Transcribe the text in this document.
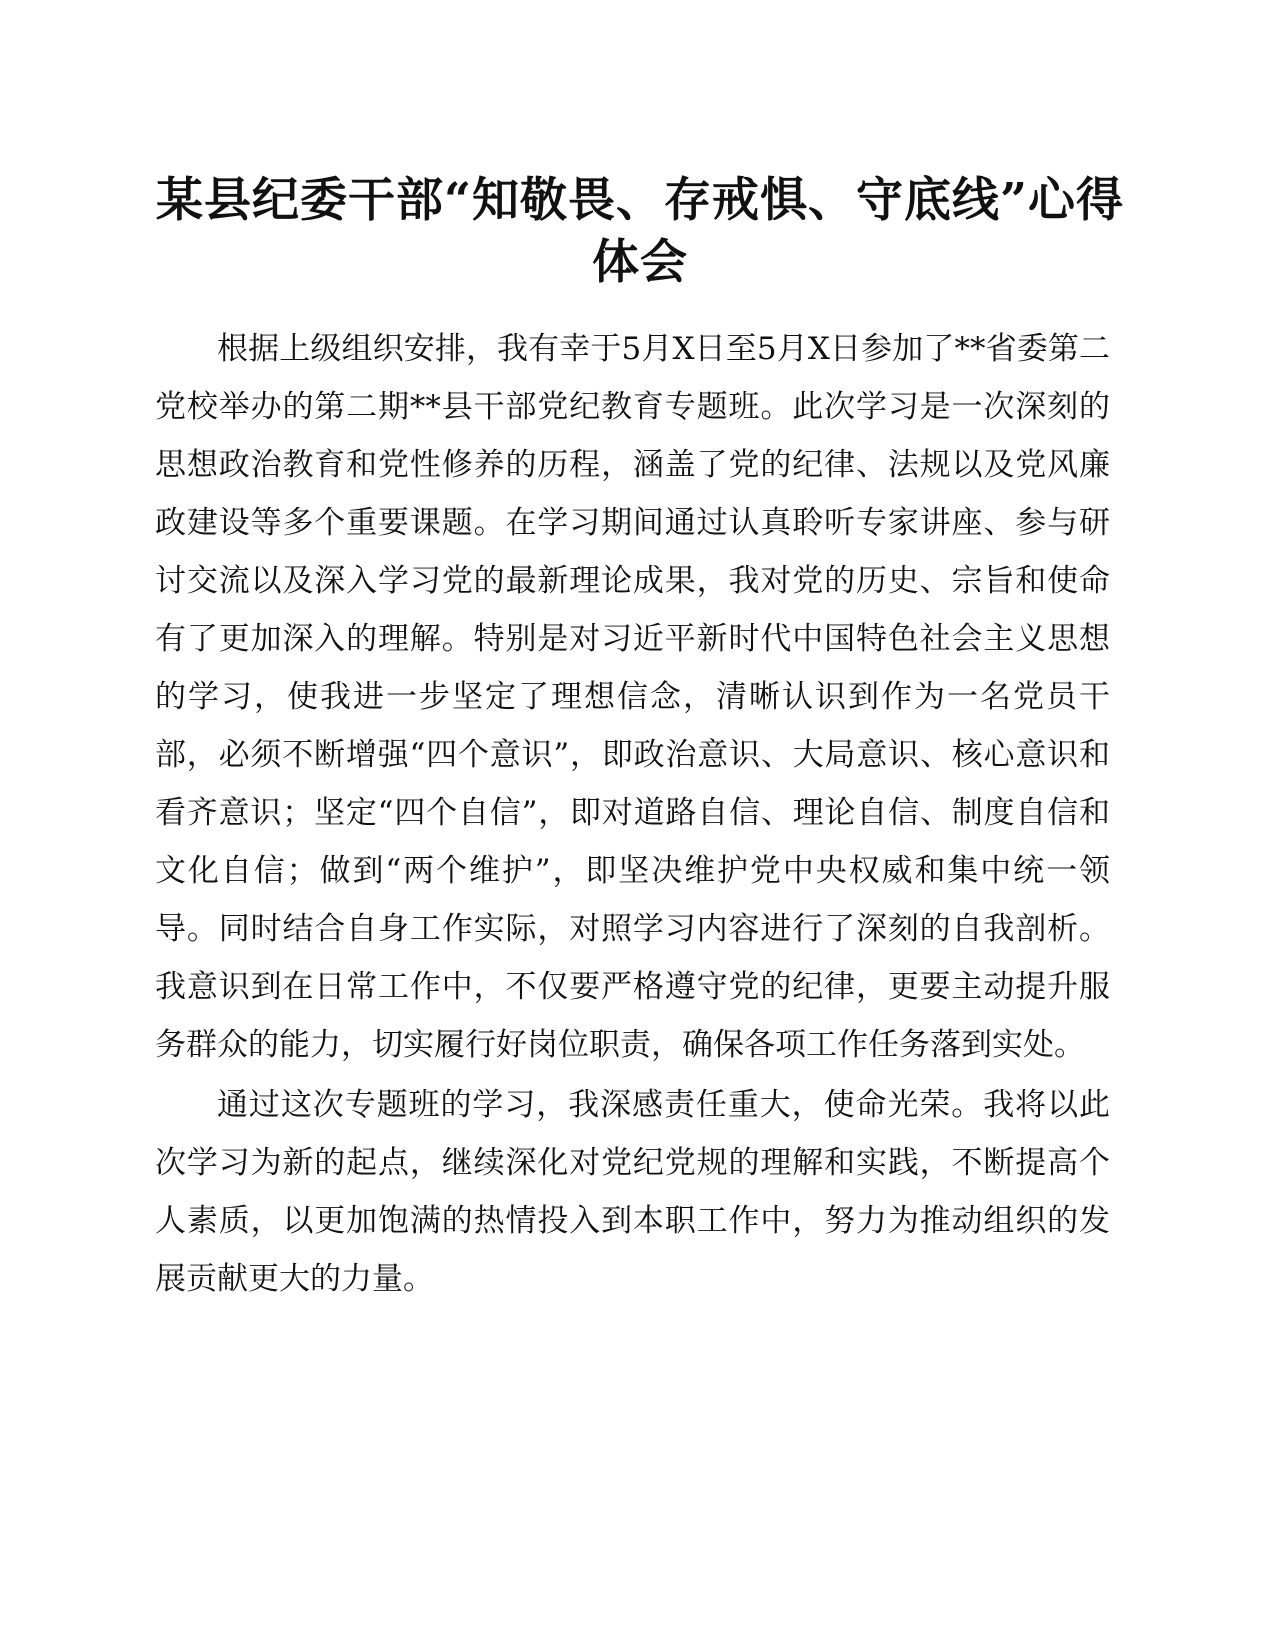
某县纪委干部“知敬畏、存戒惧、守底线”心得体会

根据上级组织安排，我有幸于5月X日至5月X日参加了**省委第二党校举办的第二期**县干部党纪教育专题班。此次学习是一次深刻的思想政治教育和党性修养的历程，涵盖了党的纪律、法规以及党风廉政建设等多个重要课题。在学习期间通过认真聆听专家讲座、参与研讨交流以及深入学习党的最新理论成果，我对党的历史、宗旨和使命有了更加深入的理解。特别是对习近平新时代中国特色社会主义思想的学习，使我进一步坚定了理想信念，清晰认识到作为一名党员干部，必须不断增强“四个意识”，即政治意识、大局意识、核心意识和看齐意识；坚定“四个自信”，即对道路自信、理论自信、制度自信和文化自信；做到“两个维护”，即坚决维护党中央权威和集中统一领导。同时结合自身工作实际，对照学习内容进行了深刻的自我剖析。我意识到在日常工作中，不仅要严格遵守党的纪律，更要主动提升服务群众的能力，切实履行好岗位职责，确保各项工作任务落到实处。

通过这次专题班的学习，我深感责任重大，使命光荣。我将以此次学习为新的起点，继续深化对党纪党规的理解和实践，不断提高个人素质，以更加饱满的热情投入到本职工作中，努力为推动组织的发展贡献更大的力量。
